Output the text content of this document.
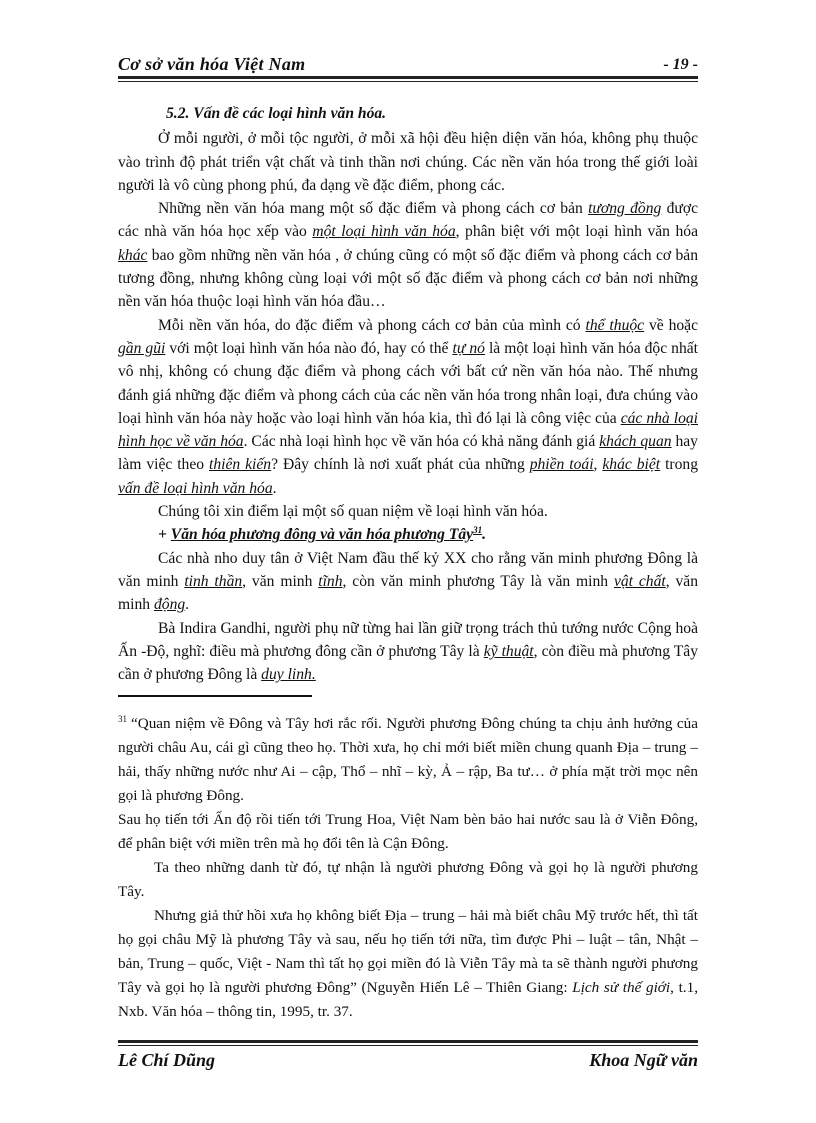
Cơ sở văn hóa Việt Nam	- 19 -

5.2. Vấn đề các loại hình văn hóa.

Ở mỗi người, ở mỗi tộc người, ở mỗi xã hội đều hiện diện văn hóa, không phụ thuộc vào trình độ phát triển vật chất và tinh thần nơi chúng. Các nền văn hóa trong thế giới loài người là vô cùng phong phú, đa dạng về đặc điểm, phong các.

Những nền văn hóa mang một số đặc điểm và phong cách cơ bản tương đồng được các nhà văn hóa học xếp vào một loại hình văn hóa, phân biệt với một loại hình văn hóa khác bao gồm những nền văn hóa , ở chúng cũng có một số đặc điểm và phong cách cơ bản tương đồng, nhưng không cùng loại với một số đặc điểm và phong cách cơ bản nơi những nền văn hóa thuộc loại hình văn hóa đầu…

Mỗi nền văn hóa, do đặc điểm và phong cách cơ bản của mình có thể thuộc về hoặc gần gũi với một loại hình văn hóa nào đó, hay có thể tự nó là một loại hình văn hóa độc nhất vô nhị, không có chung đặc điểm và phong cách với bất cứ nền văn hóa nào. Thế nhưng đánh giá những đặc điểm và phong cách của các nền văn hóa trong nhân loại, đưa chúng vào loại hình văn hóa này hoặc vào loại hình văn hóa kia, thì đó lại là công việc của các nhà loại hình học về văn hóa. Các nhà loại hình học về văn hóa có khả năng đánh giá khách quan hay làm việc theo thiên kiến? Đây chính là nơi xuất phát của những phiền toái, khác biệt trong vấn đề loại hình văn hóa.

Chúng tôi xin điểm lại một số quan niệm về loại hình văn hóa.

+ Văn hóa phương đông và văn hóa phương Tây$^{31}$.

Các nhà nho duy tân ở Việt Nam đầu thế kỷ XX cho rằng văn minh phương Đông là văn minh tinh thần, văn minh tĩnh, còn văn minh phương Tây là văn minh vật chất, văn minh động.

Bà Indira Gandhi, người phụ nữ từng hai lần giữ trọng trách thủ tướng nước Cộng hoà Ấn -Độ, nghĩ: điều mà phương đông cần ở phương Tây là kỹ thuật, còn điều mà phương Tây cần ở phương Đông là duy linh.

$^{31}$ “Quan niệm về Đông và Tây hơi rắc rối. Người phương Đông chúng ta chịu ảnh hưởng của người châu Au, cái gì cũng theo họ. Thời xưa, họ chỉ mới biết miền chung quanh Địa – trung – hải, thấy những nước như Ai – cập, Thổ – nhĩ – kỳ, Ả – rập, Ba tư… ở phía mặt trời mọc nên gọi là phương Đông.

Sau họ tiến tới Ấn độ rồi tiến tới Trung Hoa, Việt Nam bèn bảo hai nước sau là ở Viễn Đông, để phân biệt với miền trên mà họ đổi tên là Cận Đông.

Ta theo những danh từ đó, tự nhận là người phương Đông và gọi họ là người phương Tây.

Nhưng giả thử hồi xưa họ không biết Địa – trung – hải mà biết châu Mỹ trước hết, thì tất họ gọi châu Mỹ là phương Tây và sau, nếu họ tiến tới nữa, tìm được Phi – luật – tân, Nhật – bản, Trung – quốc, Việt - Nam thì tất họ gọi miền đó là Viễn Tây mà ta sẽ thành người phương Tây và gọi họ là người phương Đông” (Nguyễn Hiến Lê – Thiên Giang: Lịch sử thế giới, t.1, Nxb. Văn hóa – thông tin, 1995, tr. 37.

Lê Chí Dũng	Khoa Ngữ văn
